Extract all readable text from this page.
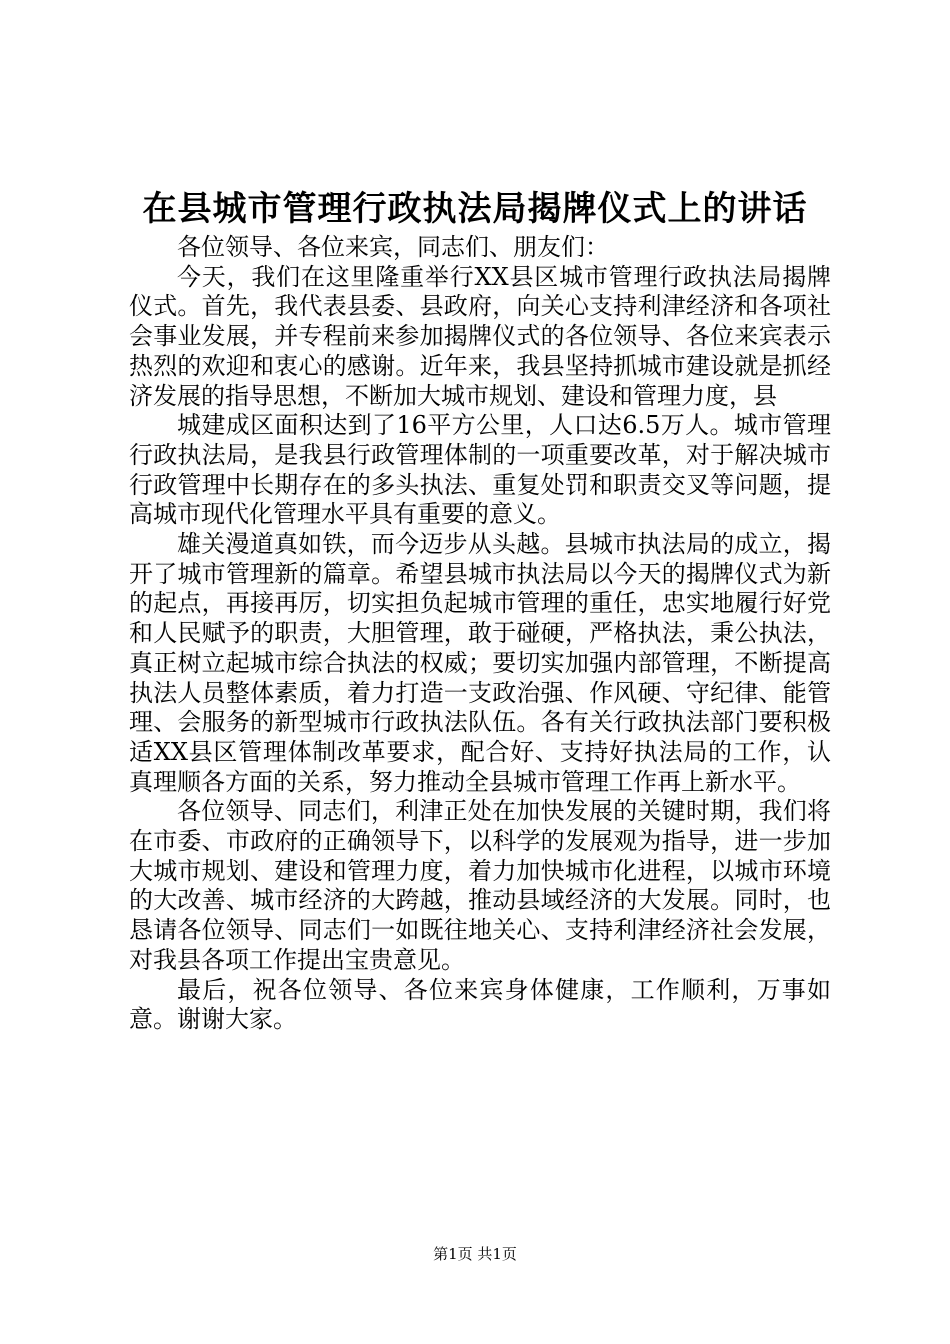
在县城市管理行政执法局揭牌仪式上的讲话

各位领导、各位来宾，同志们、朋友们：

今天，我们在这里隆重举行XX县区城市管理行政执法局揭牌仪式。首先，我代表县委、县政府，向关心支持利津经济和各项社会事业发展，并专程前来参加揭牌仪式的各位领导、各位来宾表示热烈的欢迎和衷心的感谢。近年来，我县坚持抓城市建设就是抓经济发展的指导思想，不断加大城市规划、建设和管理力度，县

城建成区面积达到了16平方公里，人口达6.5万人。城市管理行政执法局，是我县行政管理体制的一项重要改革，对于解决城市行政管理中长期存在的多头执法、重复处罚和职责交叉等问题，提高城市现代化管理水平具有重要的意义。

雄关漫道真如铁，而今迈步从头越。县城市执法局的成立，揭开了城市管理新的篇章。希望县城市执法局以今天的揭牌仪式为新的起点，再接再厉，切实担负起城市管理的重任，忠实地履行好党和人民赋予的职责，大胆管理，敢于碰硬，严格执法，秉公执法，真正树立起城市综合执法的权威；要切实加强内部管理，不断提高执法人员整体素质，着力打造一支政治强、作风硬、守纪律、能管理、会服务的新型城市行政执法队伍。各有关行政执法部门要积极适XX县区管理体制改革要求，配合好、支持好执法局的工作，认真理顺各方面的关系，努力推动全县城市管理工作再上新水平。

各位领导、同志们，利津正处在加快发展的关键时期，我们将在市委、市政府的正确领导下，以科学的发展观为指导，进一步加大城市规划、建设和管理力度，着力加快城市化进程，以城市环境的大改善、城市经济的大跨越，推动县域经济的大发展。同时，也恳请各位领导、同志们一如既往地关心、支持利津经济社会发展，对我县各项工作提出宝贵意见。

最后，祝各位领导、各位来宾身体健康，工作顺利，万事如意。谢谢大家。

第1页 共1页
